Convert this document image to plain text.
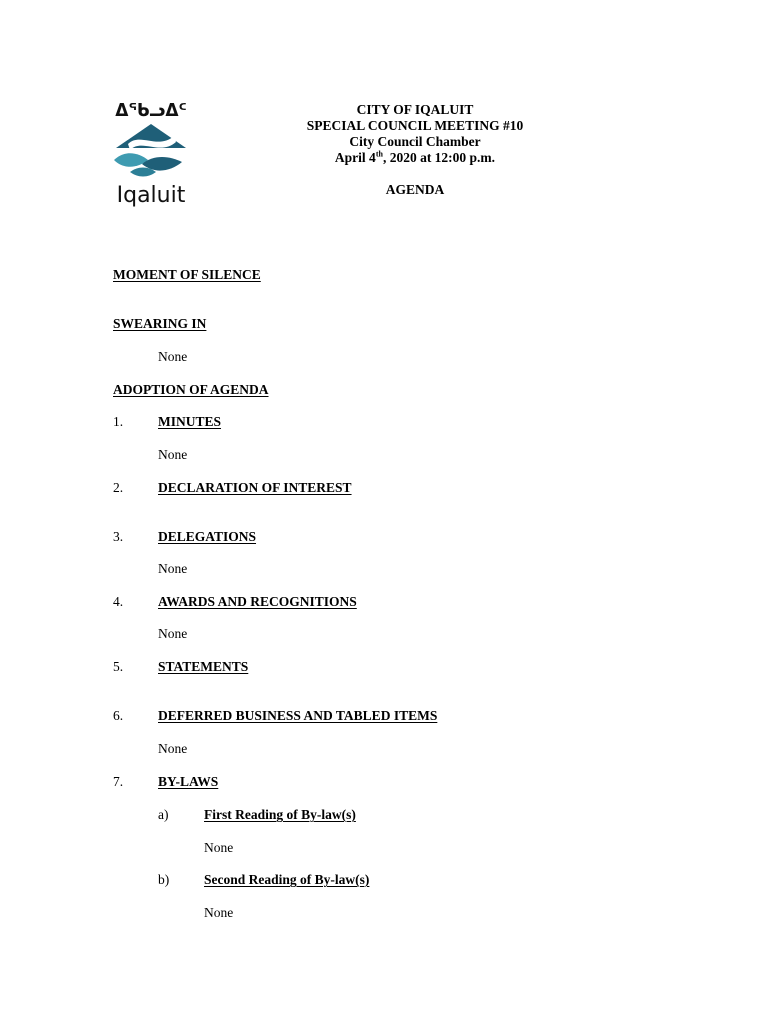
ᐃᖃᓗᐃᑦ
Iqaluit
CITY OF IQALUIT
SPECIAL COUNCIL MEETING #10
City Council Chamber
April 4th, 2020 at 12:00 p.m.
AGENDA
MOMENT OF SILENCE
SWEARING IN
None
ADOPTION OF AGENDA
1.	MINUTES
None
2.	DECLARATION OF INTEREST
3.	DELEGATIONS
None
4.	AWARDS AND RECOGNITIONS
None
5.	STATEMENTS
6.	DEFERRED BUSINESS AND TABLED ITEMS
None
7.	BY-LAWS
a)	First Reading of By-law(s)
None
b)	Second Reading of By-law(s)
None
